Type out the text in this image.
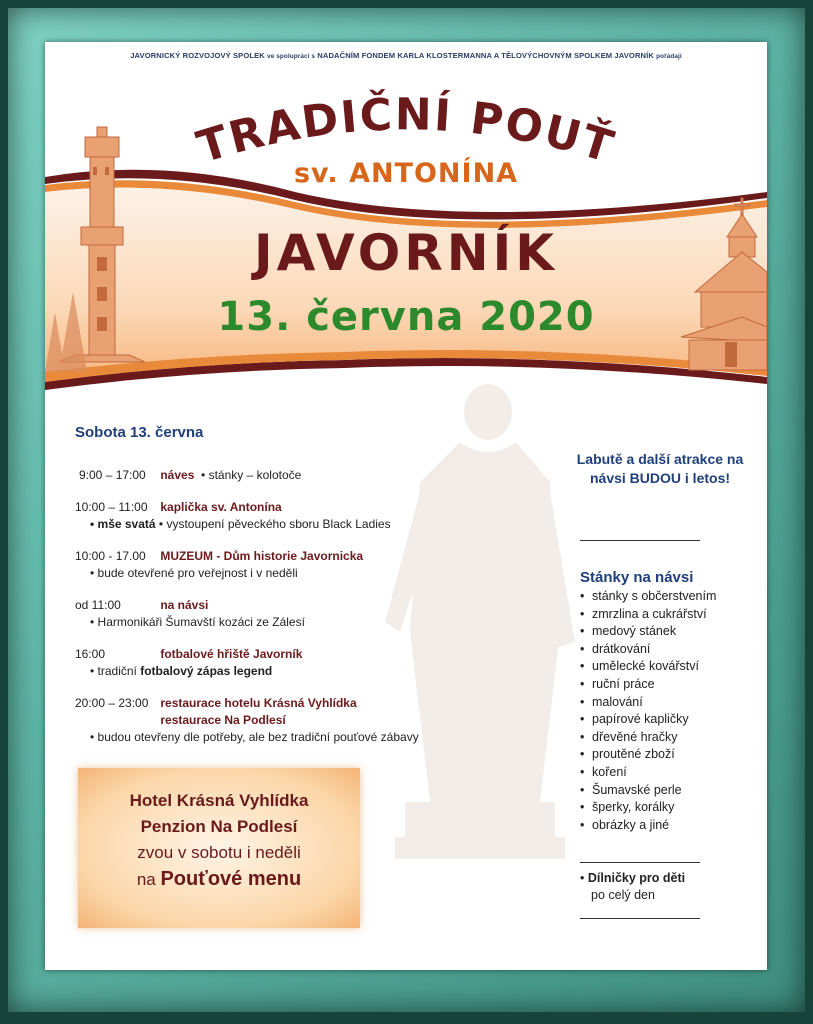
JAVORNICKÝ ROZVOJOVÝ SPOLEK ve spolupráci s NADAČNÍM FONDEM KARLA KLOSTERMANNA A TĚLOVÝCHOVNÝM SPOLKEM JAVORNÍK pořádají
TRADIČNÍ POUŤ
sv. ANTONÍNA
JAVORNÍK
13. června 2020
Sobota 13. června
9:00 – 17:00 náves • stánky – kolotoče
10:00 – 11:00 kaplička sv. Antonína
• mše svatá • vystoupení pěveckého sboru Black Ladies
10:00 - 17.00 MUZEUM - Dům historie Javornicka
• bude otevřené pro veřejnost i v neděli
od 11:00	na návsi
• Harmonikáři Šumavští kozáci ze Zálesí
16:00	fotbalové hřiště Javorník
• tradiční fotbalový zápas legend
20:00 – 23:00 restaurace hotelu Krásná Vyhlídka
restaurace Na Podlesí
• budou otevřeny dle potřeby, ale bez tradiční pouťové zábavy
Hotel Krásná Vyhlídka
Penzion Na Podlesí
zvou v sobotu i neděli
na Pouťové menu
Labutě a další atrakce na návsi BUDOU i letos!
Stánky na návsi
• stánky s občerstvením
• zmrzlina a cukrářství
• medový stánek
• drátkování
• umělecké kovářství
• ruční práce
• malování
• papírové kapličky
• dřevěné hračky
• proutěné zboží
• koření
• Šumavské perle
• šperky, korálky
• obrázky a jiné
• Dílničky pro děti
po celý den
